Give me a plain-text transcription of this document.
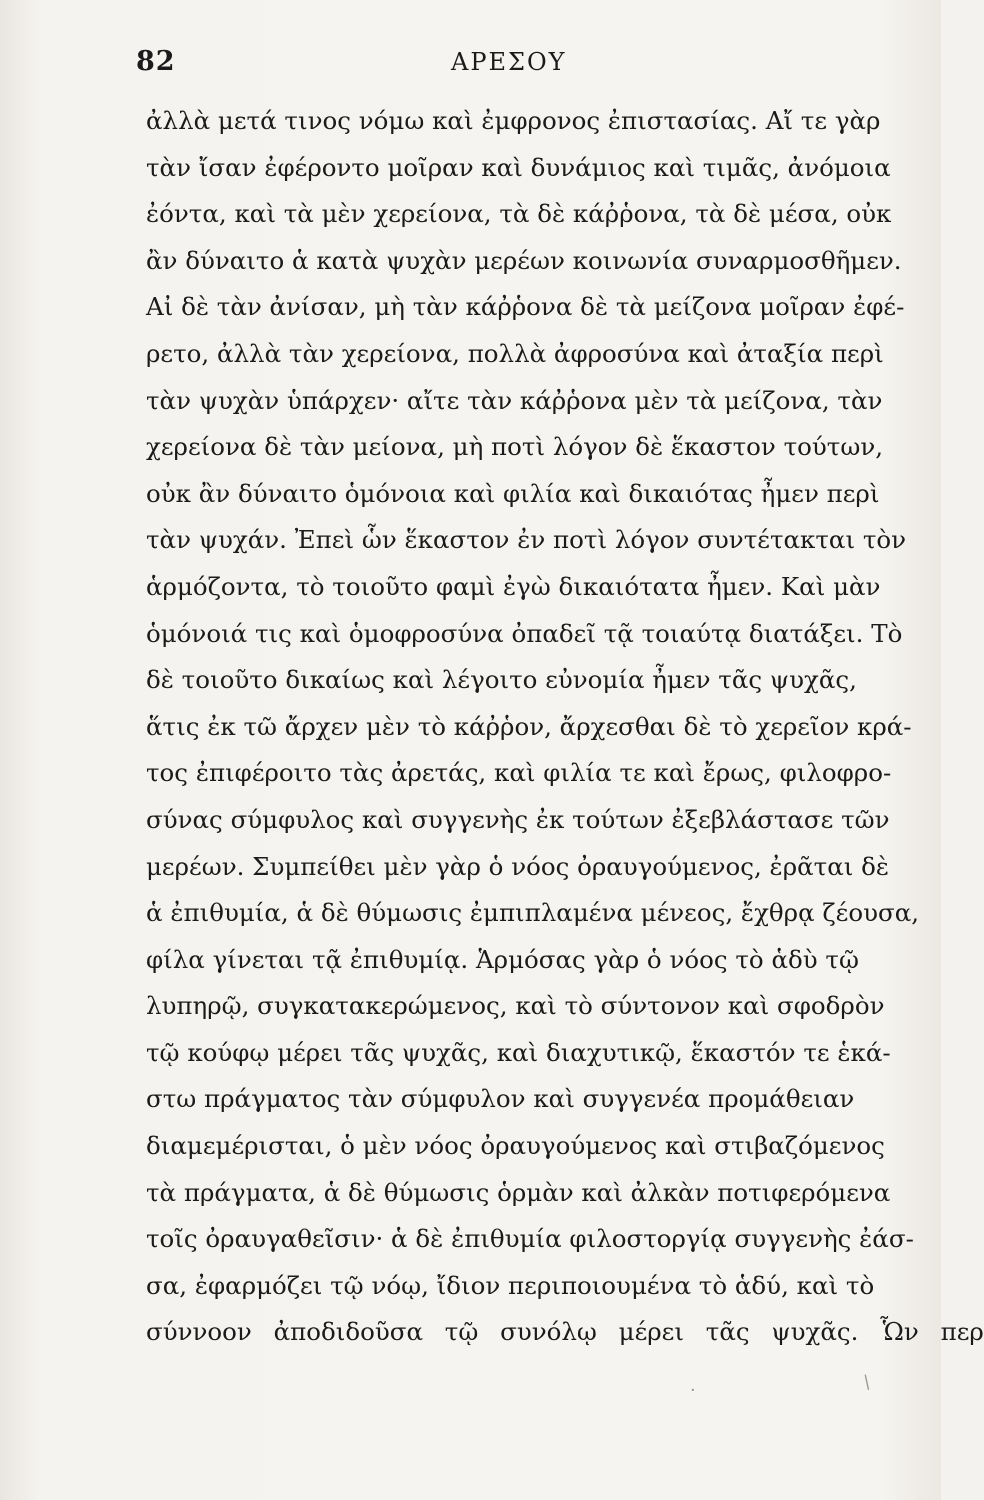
82	ΑΡΕΣΟΥ
ἀλλὰ μετά τινος νόμω καὶ ἐμφρονος ἐπιστασίας. Αἴ τε γὰρ
τὰν ἴσαν ἐφέροντο μοῖραν καὶ δυνάμιος καὶ τιμᾶς, ἀνόμοια
ἐόντα, καὶ τὰ μὲν χερείονα, τὰ δὲ κάῤῥονα, τὰ δὲ μέσα, οὐκ
ἂν δύναιτο ἁ κατὰ ψυχὰν μερέων κοινωνία συναρμοσθῆμεν.
Αἰ δὲ τὰν ἀνίσαν, μὴ τὰν κάῤῥονα δὲ τὰ μείζονα μοῖραν ἐφέ-
ρετο, ἀλλὰ τὰν χερείονα, πολλὰ ἀφροσύνα καὶ ἀταξία περὶ
τὰν ψυχὰν ὑπάρχεν· αἴτε τὰν κάῤῥονα μὲν τὰ μείζονα, τὰν
χερείονα δὲ τὰν μείονα, μὴ ποτὶ λόγον δὲ ἕκαστον τούτων,
οὐκ ἂν δύναιτο ὁμόνοια καὶ φιλία καὶ δικαιότας ἦμεν περὶ
τὰν ψυχάν. Ἐπεὶ ὧν ἕκαστον ἐν ποτὶ λόγον συντέτακται τὸν
ἁρμόζοντα, τὸ τοιοῦτο φαμὶ ἐγὼ δικαιότατα ἦμεν. Καὶ μὰν
ὁμόνοιά τις καὶ ὁμοφροσύνα ὀπαδεῖ τᾷ τοιαύτᾳ διατάξει. Τὸ
δὲ τοιοῦτο δικαίως καὶ λέγοιτο εὐνομία ἦμεν τᾶς ψυχᾶς,
ἅτις ἐκ τῶ ἄρχεν μὲν τὸ κάῤῥον, ἄρχεσθαι δὲ τὸ χερεῖον κρά-
τος ἐπιφέροιτο τὰς ἀρετάς, καὶ φιλία τε καὶ ἔρως, φιλοφρο-
σύνας σύμφυλος καὶ συγγενὴς ἐκ τούτων ἐξεβλάστασε τῶν
μερέων. Συμπείθει μὲν γὰρ ὁ νόος ὀραυγούμενος, ἐρᾶται δὲ
ἁ ἐπιθυμία, ἁ δὲ θύμωσις ἐμπιπλαμένα μένεος, ἔχθρᾳ ζέουσα,
φίλα γίνεται τᾷ ἐπιθυμίᾳ. Ἁρμόσας γὰρ ὁ νόος τὸ ἁδὺ τῷ
λυπηρῷ, συγκατακερώμενος, καὶ τὸ σύντονον καὶ σφοδρὸν
τῷ κούφῳ μέρει τᾶς ψυχᾶς, καὶ διαχυτικῷ, ἕκαστόν τε ἑκά-
στω πράγματος τὰν σύμφυλον καὶ συγγενέα προμάθειαν
διαμεμέρισται, ὁ μὲν νόος ὀραυγούμενος καὶ στιβαζόμενος
τὰ πράγματα, ἁ δὲ θύμωσις ὁρμὰν καὶ ἀλκὰν ποτιφερόμενα
τοῖς ὀραυγαθεῖσιν· ἁ δὲ ἐπιθυμία φιλοστοργίᾳ συγγενὴς ἐάσ-
σα, ἐφαρμόζει τῷ νόῳ, ἴδιον περιποιουμένα τὸ ἁδύ, καὶ τὸ
σύννοον ἀποδιδοῦσα τῷ συνόλῳ μέρει τᾶς ψυχᾶς. Ὧν περ
·	/
